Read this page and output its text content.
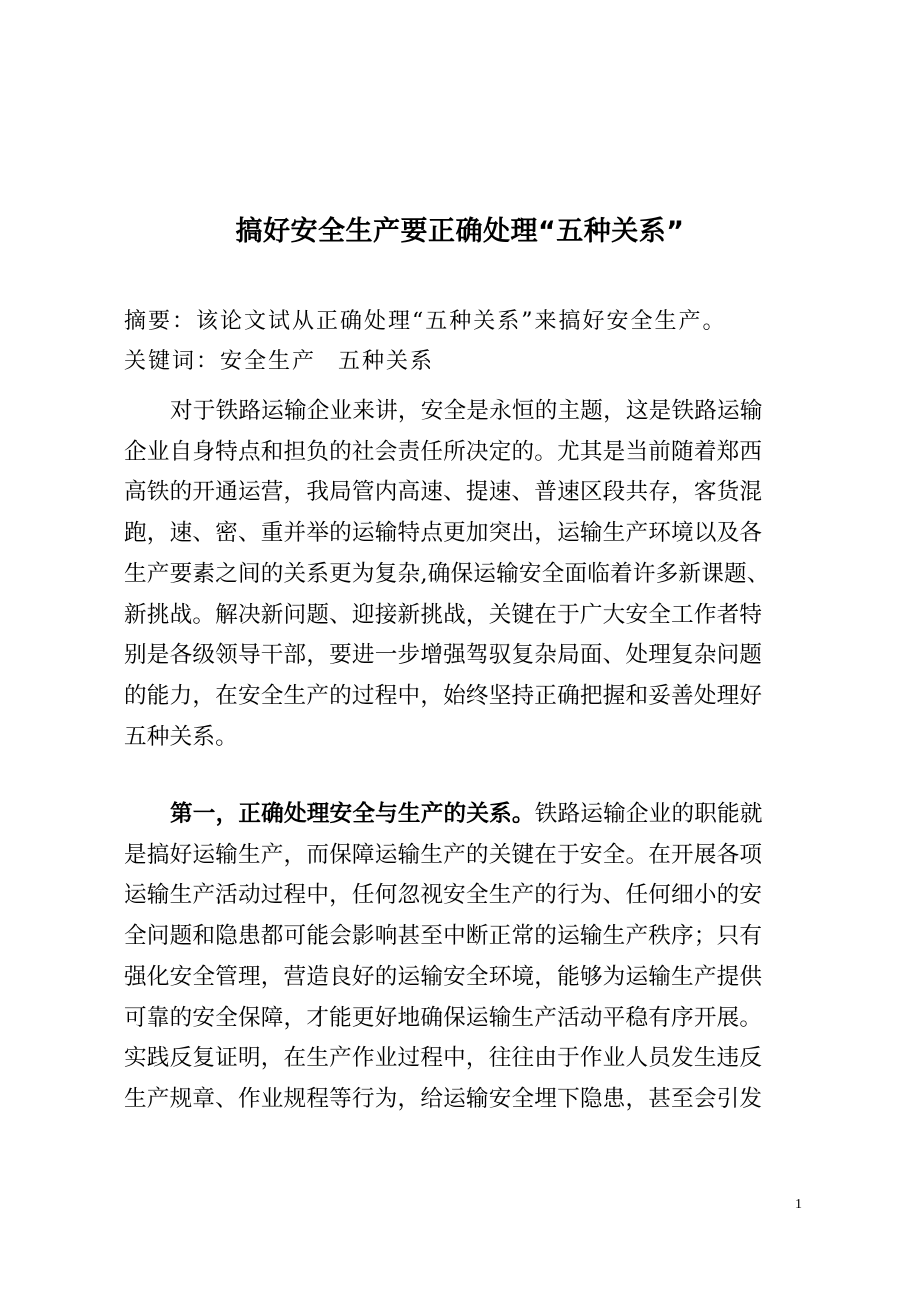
搞好安全生产要正确处理“五种关系”
摘要：该论文试从正确处理“五种关系”来搞好安全生产。
关键词：安全生产 五种关系
对于铁路运输企业来讲，安全是永恒的主题，这是铁路运输
企业自身特点和担负的社会责任所决定的。尤其是当前随着郑西
高铁的开通运营，我局管内高速、提速、普速区段共存，客货混
跑，速、密、重并举的运输特点更加突出，运输生产环境以及各
生产要素之间的关系更为复杂,确保运输安全面临着许多新课题、
新挑战。解决新问题、迎接新挑战，关键在于广大安全工作者特
别是各级领导干部，要进一步增强驾驭复杂局面、处理复杂问题
的能力，在安全生产的过程中，始终坚持正确把握和妥善处理好
五种关系。
第一，正确处理安全与生产的关系。铁路运输企业的职能就
是搞好运输生产，而保障运输生产的关键在于安全。在开展各项
运输生产活动过程中，任何忽视安全生产的行为、任何细小的安
全问题和隐患都可能会影响甚至中断正常的运输生产秩序；只有
强化安全管理，营造良好的运输安全环境，能够为运输生产提供
可靠的安全保障，才能更好地确保运输生产活动平稳有序开展。
实践反复证明，在生产作业过程中，往往由于作业人员发生违反
生产规章、作业规程等行为，给运输安全埋下隐患，甚至会引发
1
